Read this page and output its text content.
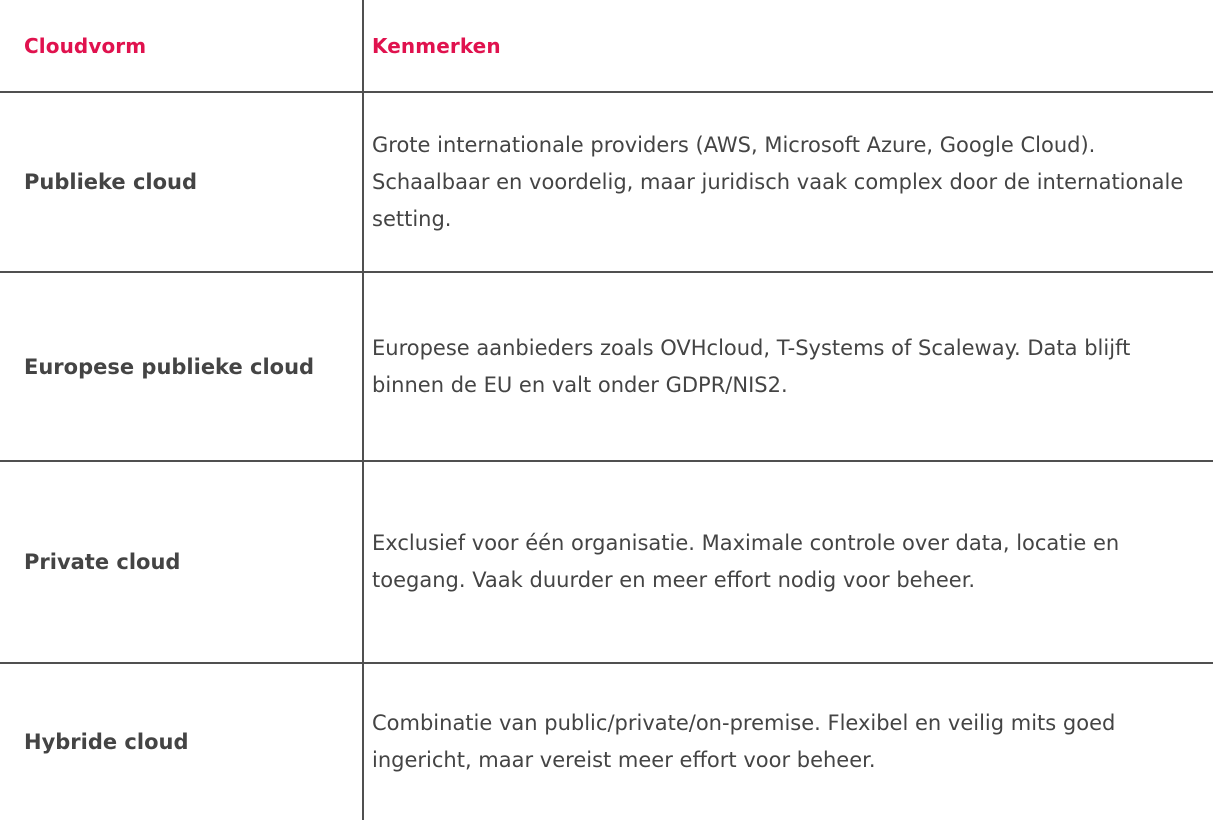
Cloudvorm	Kenmerken
Publieke cloud
Grote internationale providers (AWS, Microsoft Azure, Google Cloud). Schaalbaar en voordelig, maar juridisch vaak complex door de internationale setting.
Europese publieke cloud
Europese aanbieders zoals OVHcloud, T-Systems of Scaleway. Data blijft binnen de EU en valt onder GDPR/NIS2.
Private cloud
Exclusief voor één organisatie. Maximale controle over data, locatie en toegang. Vaak duurder en meer effort nodig voor beheer.
Hybride cloud
Combinatie van public/private/on-premise. Flexibel en veilig mits goed ingericht, maar vereist meer effort voor beheer.
